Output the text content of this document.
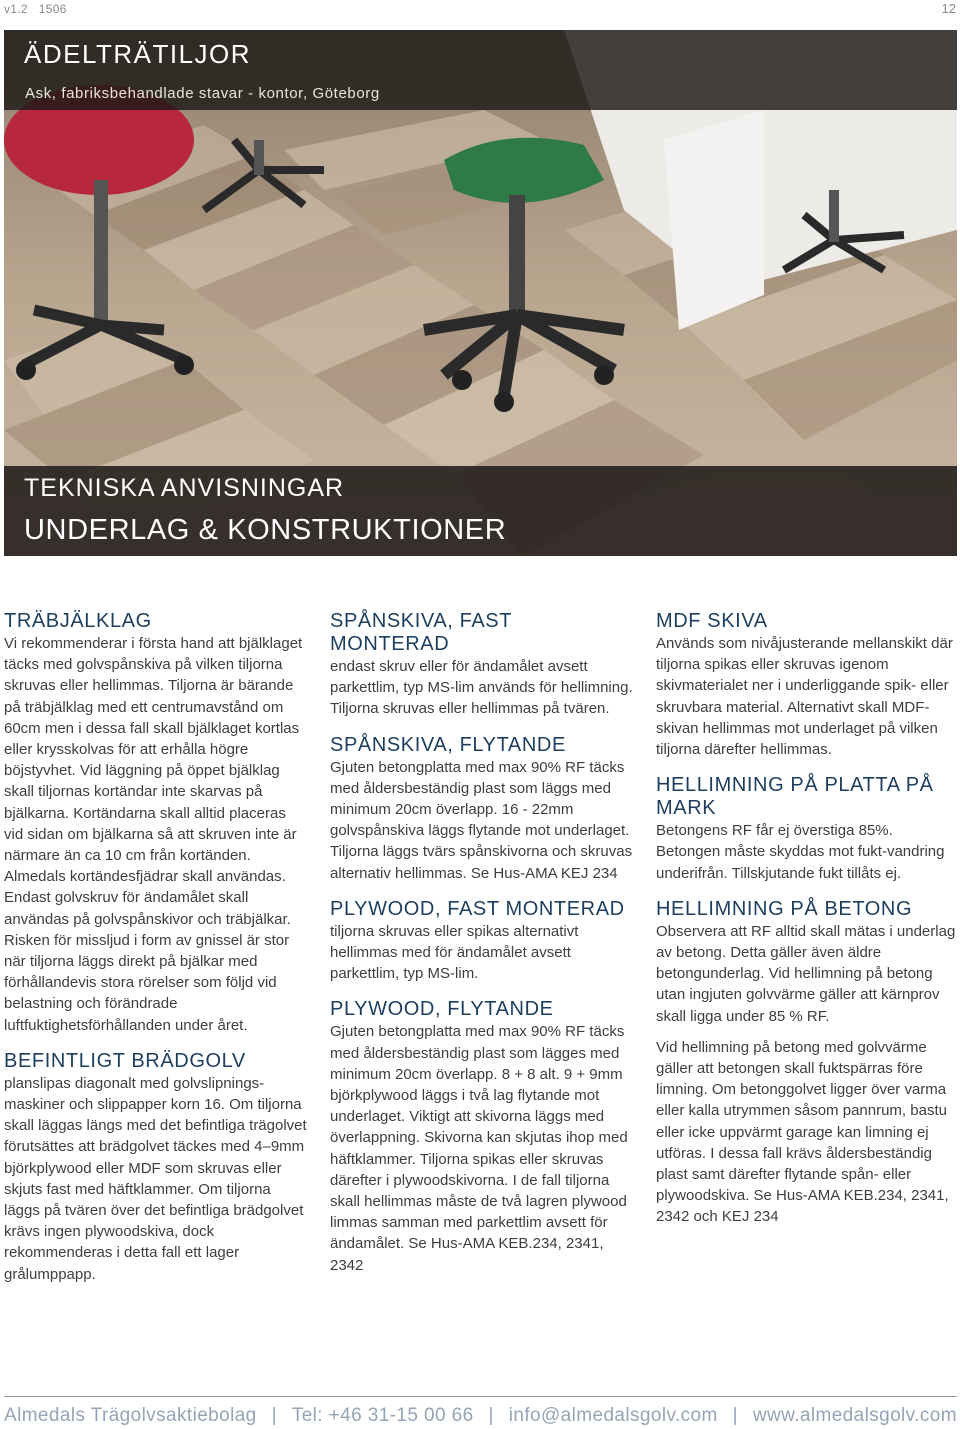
v1.2 1506	12
ÄDELTRÄTILJOR
Ask, fabriksbehandlade stavar - kontor, Göteborg
TEKNISKA ANVISNINGAR
UNDERLAG & KONSTRUKTIONER
TRÄBJÄLKLAG

Vi rekommenderar i första hand att bjälklaget täcks med golvspånskiva på vilken tiljorna skruvas eller hellimmas. Tiljorna är bärande på träbjälklag med ett centrumavstånd om 60cm men i dessa fall skall bjälklaget kortlas eller krysskolvas för att erhålla högre böjstyvhet. Vid läggning på öppet bjälklag skall tiljornas kortändar inte skarvas på bjälkarna. Kortändarna skall alltid placeras vid sidan om bjälkarna så att skruven inte är närmare än ca 10 cm från kortänden. Almedals kortändesfjädrar skall användas. Endast golvskruv för ändamålet skall användas på golvspånskivor och träbjälkar. Risken för missljud i form av gnissel är stor när tiljorna läggs direkt på bjälkar med förhållandevis stora rörelser som följd vid belastning och förändrade luftfuktighetsförhållanden under året.

BEFINTLIGT BRÄDGOLV

planslipas diagonalt med golvslipnings-maskiner och slippapper korn 16. Om tiljorna skall läggas längs med det befintliga trägolvet förutsättes att brädgolvet täckes med 4–9mm björkplywood eller MDF som skruvas eller skjuts fast med häftklammer. Om tiljorna läggs på tvären över det befintliga brädgolvet krävs ingen plywoodskiva, dock rekommenderas i detta fall ett lager grålumppapp.

SPÅNSKIVA, FAST MONTERAD

endast skruv eller för ändamålet avsett parkettlim, typ MS-lim används för hellimning. Tiljorna skruvas eller hellimmas på tvären.

SPÅNSKIVA, FLYTANDE

Gjuten betongplatta med max 90% RF täcks med åldersbeständig plast som läggs med minimum 20cm överlapp. 16 - 22mm golvspånskiva läggs flytande mot underlaget. Tiljorna läggs tvärs spånskivorna och skruvas alternativ hellimmas. Se Hus-AMA KEJ 234

PLYWOOD, FAST MONTERAD

tiljorna skruvas eller spikas alternativt hellimmas med för ändamålet avsett parkettlim, typ MS-lim.

PLYWOOD, FLYTANDE

Gjuten betongplatta med max 90% RF täcks med åldersbeständig plast som lägges med minimum 20cm överlapp. 8 + 8 alt. 9 + 9mm björkplywood läggs i två lag flytande mot underlaget. Viktigt att skivorna läggs med överlappning. Skivorna kan skjutas ihop med häftklammer. Tiljorna spikas eller skruvas därefter i plywoodskivorna. I de fall tiljorna skall hellimmas måste de två lagren plywood limmas samman med parkettlim avsett för ändamålet. Se Hus-AMA KEB.234, 2341, 2342

MDF SKIVA

Används som nivåjusterande mellanskikt där tiljorna spikas eller skruvas igenom skivmaterialet ner i underliggande spik- eller skruvbara material. Alternativt skall MDF-skivan hellimmas mot underlaget på vilken tiljorna därefter hellimmas.

HELLIMNING PÅ PLATTA PÅ MARK

Betongens RF får ej överstiga 85%. Betongen måste skyddas mot fukt-vandring underifrån. Tillskjutande fukt tillåts ej.

HELLIMNING PÅ BETONG

Observera att RF alltid skall mätas i underlag av betong. Detta gäller även äldre betongunderlag. Vid hellimning på betong utan ingjuten golvvärme gäller att kärnprov skall ligga under 85 % RF.

Vid hellimning på betong med golvvärme gäller att betongen skall fuktspärras före limning. Om betonggolvet ligger över varma eller kalla utrymmen såsom pannrum, bastu eller icke uppvärmt garage kan limning ej utföras. I dessa fall krävs åldersbeständig plast samt därefter flytande spån- eller plywoodskiva. Se Hus-AMA KEB.234, 2341, 2342 och KEJ 234

Almedals Trägolvsaktiebolag | Tel: +46 31-15 00 66 | info@almedalsgolv.com | www.almedalsgolv.com
